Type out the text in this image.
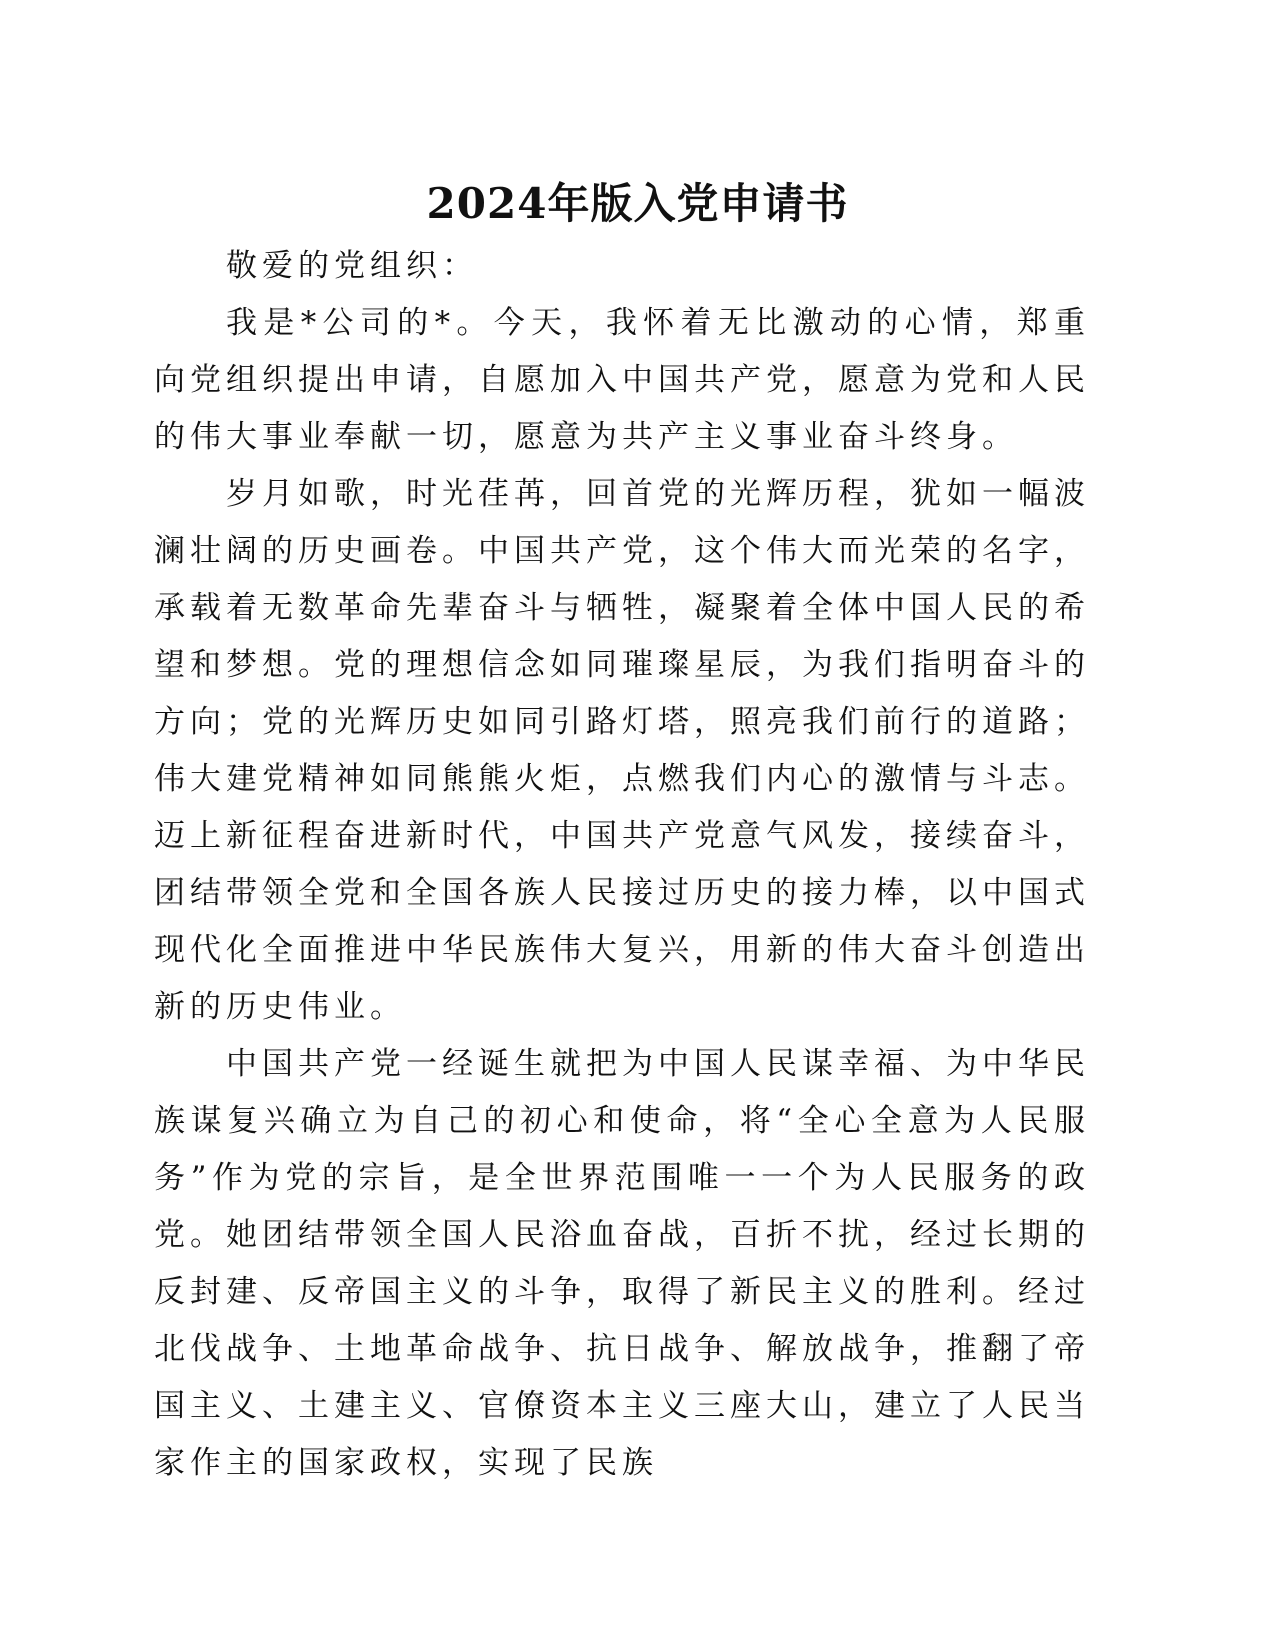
2024年版入党申请书

敬爱的党组织：

我是*公司的*。今天，我怀着无比激动的心情，郑重向党组织提出申请，自愿加入中国共产党，愿意为党和人民的伟大事业奉献一切，愿意为共产主义事业奋斗终身。

岁月如歌，时光荏苒，回首党的光辉历程，犹如一幅波澜壮阔的历史画卷。中国共产党，这个伟大而光荣的名字，承载着无数革命先辈奋斗与牺牲，凝聚着全体中国人民的希望和梦想。党的理想信念如同璀璨星辰，为我们指明奋斗的方向；党的光辉历史如同引路灯塔，照亮我们前行的道路；伟大建党精神如同熊熊火炬，点燃我们内心的激情与斗志。迈上新征程奋进新时代，中国共产党意气风发，接续奋斗，团结带领全党和全国各族人民接过历史的接力棒，以中国式现代化全面推进中华民族伟大复兴，用新的伟大奋斗创造出新的历史伟业。

中国共产党一经诞生就把为中国人民谋幸福、为中华民族谋复兴确立为自己的初心和使命，将“全心全意为人民服务”作为党的宗旨，是全世界范围唯一一个为人民服务的政党。她团结带领全国人民浴血奋战，百折不扰，经过长期的反封建、反帝国主义的斗争，取得了新民主义的胜利。经过北伐战争、土地革命战争、抗日战争、解放战争，推翻了帝国主义、土建主义、官僚资本主义三座大山，建立了人民当家作主的国家政权，实现了民族
